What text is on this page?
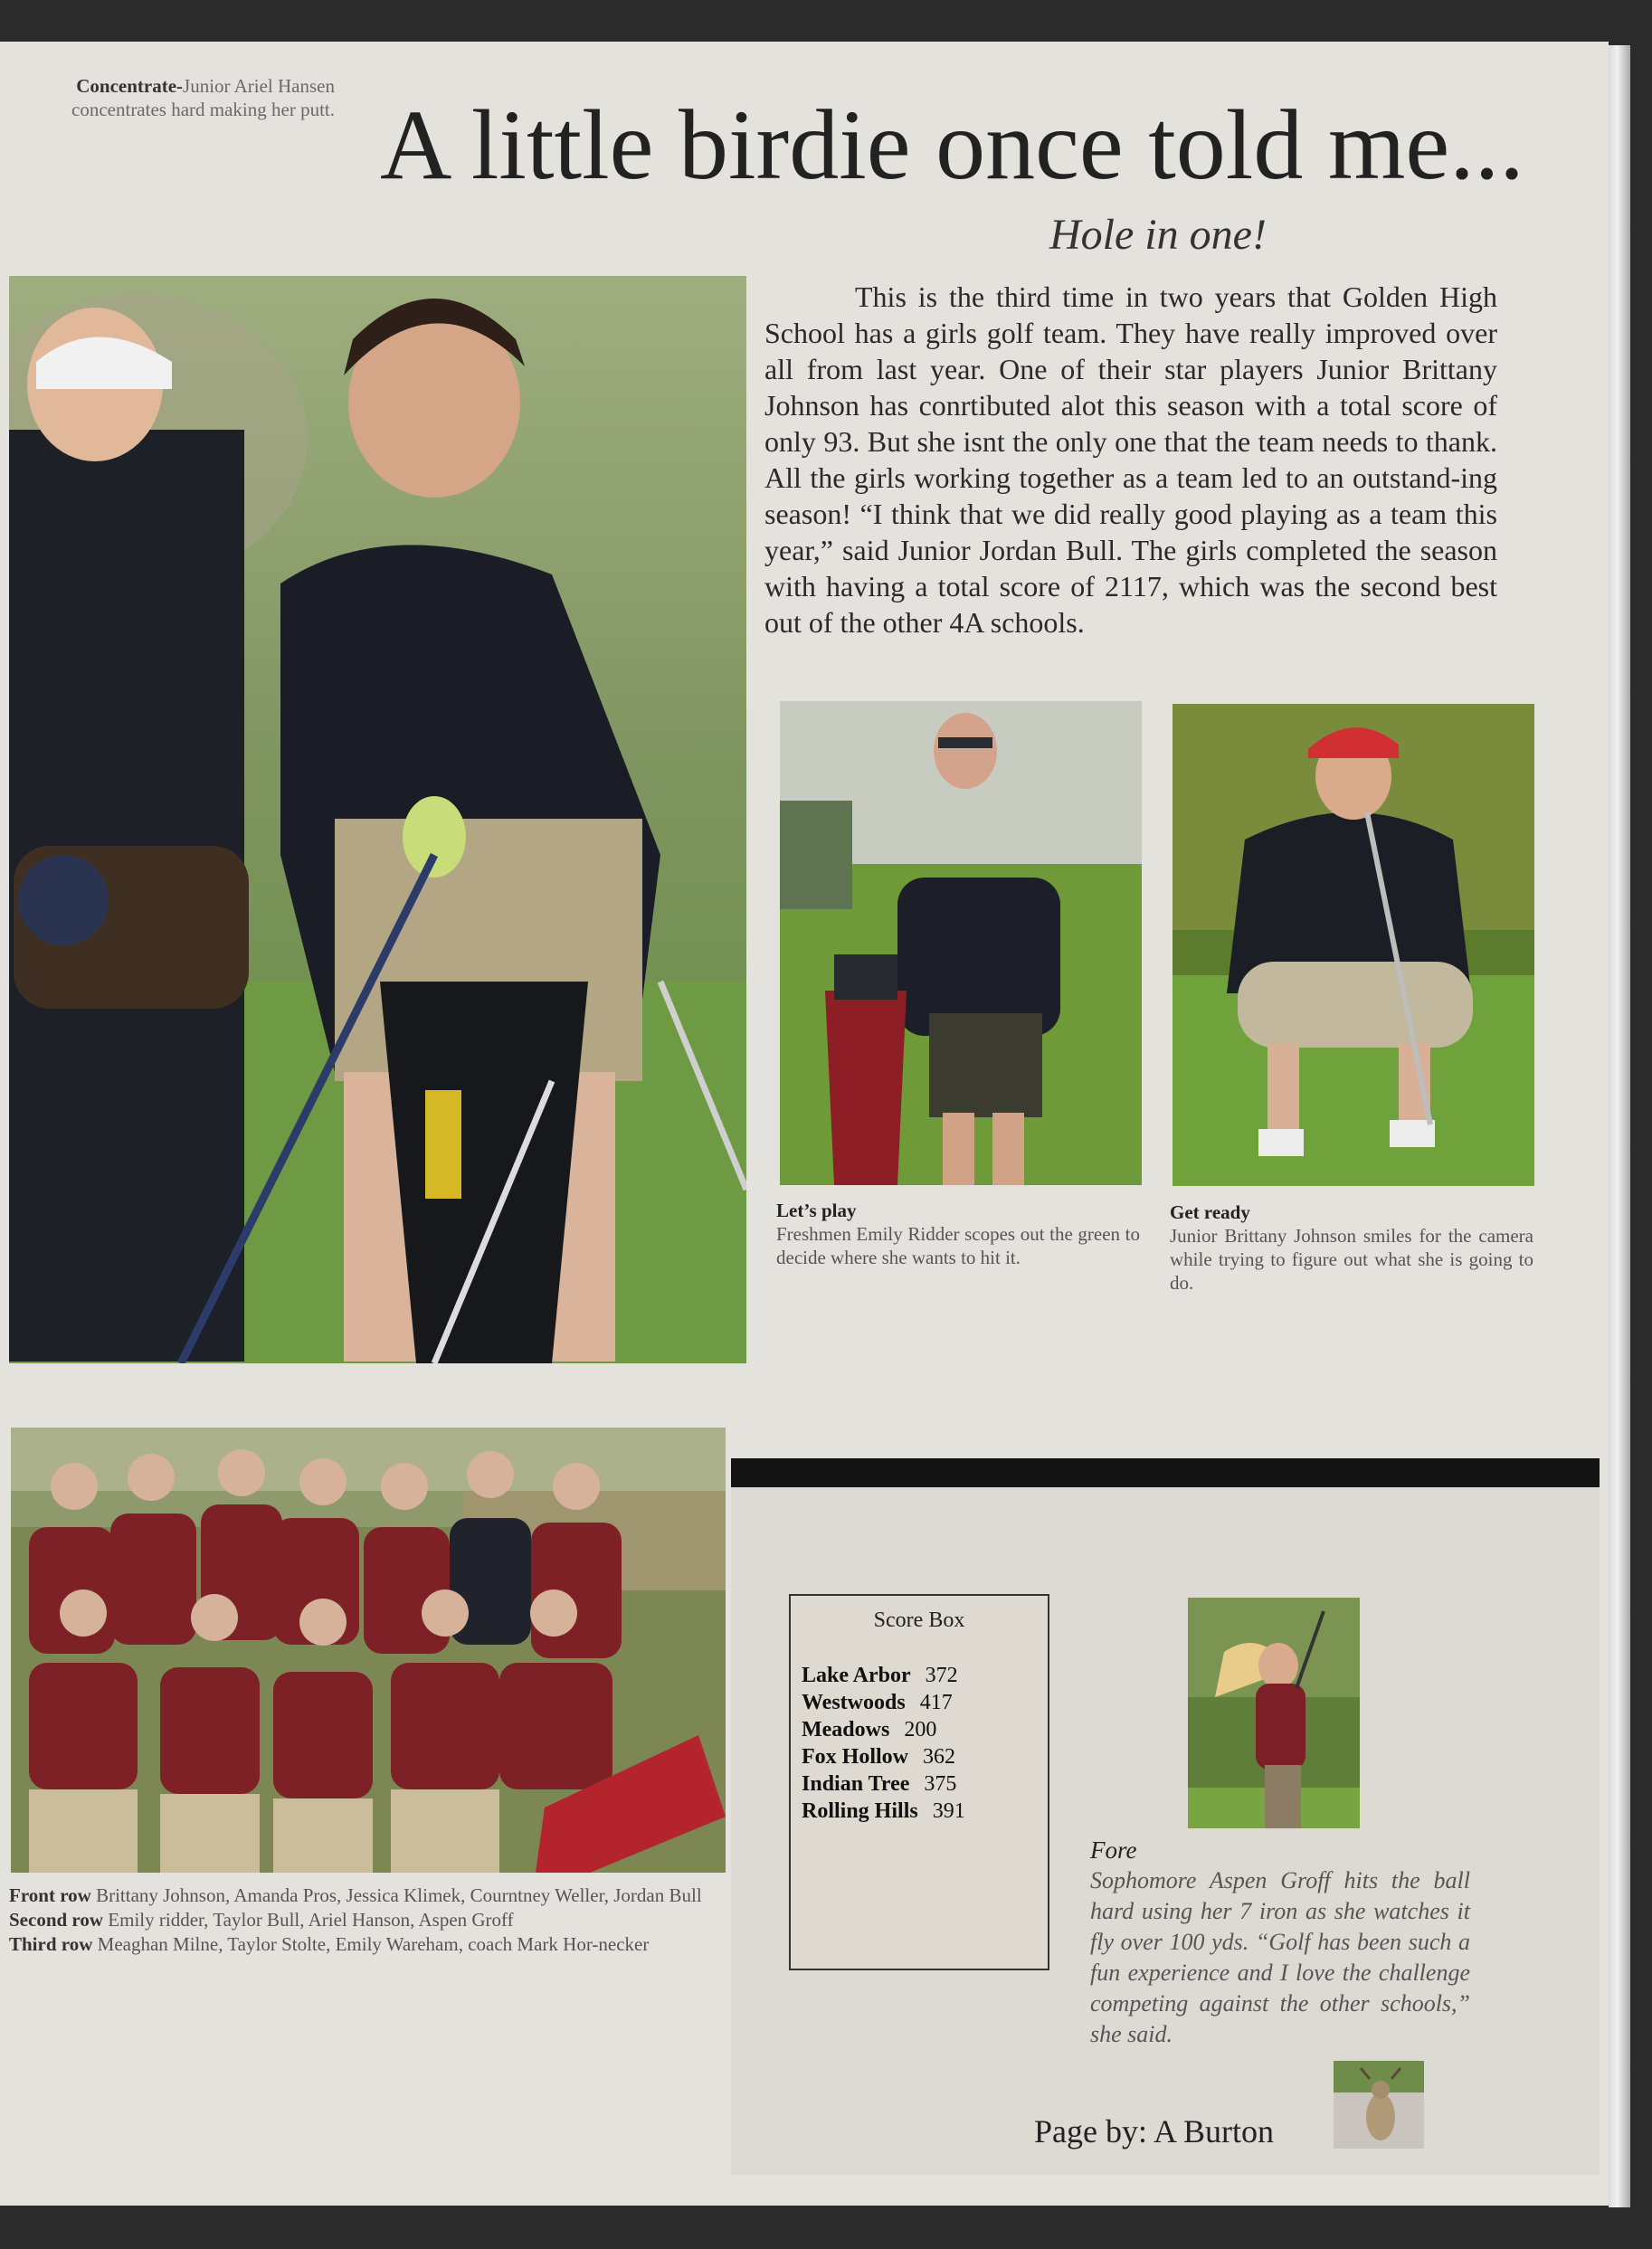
Concentrate-Junior Ariel Hansen concentrates hard making her putt. A little birdie once told me...
Hole in one!
This is the third time in two years that Golden High School has a girls golf team. They have really improved over all from last year. One of their star players Junior Brittany Johnson has conrtibuted alot this season with a total score of only 93. But she isnt the only one that the team needs to thank. All the girls working together as a team led to an outstand-ing season! “I think that we did really good playing as a team this year,” said Junior Jordan Bull. The girls completed the season with having a total score of 2117, which was the second best out of the other 4A schools.
Let’s play
Freshmen Emily Ridder scopes out the green to decide where she wants to hit it.
Get ready
Junior Brittany Johnson smiles for the camera while trying to figure out what she is going to do.
Front row Brittany Johnson, Amanda Pros, Jessica Klimek, Courntney Weller, Jordan Bull
Second row Emily ridder, Taylor Bull, Ariel Hanson, Aspen Groff
Third row Meaghan Milne, Taylor Stolte, Emily Wareham, coach Mark Hor-necker
Score Box
Lake Arbor 372
Westwoods 417
Meadows 200
Fox Hollow 362
Indian Tree 375
Rolling Hills 391
Fore
Sophomore Aspen Groff hits the ball hard using her 7 iron as she watches it fly over 100 yds. “Golf has been such a fun experience and I love the challenge competing against the other schools,” she said.
Page by: A Burton
